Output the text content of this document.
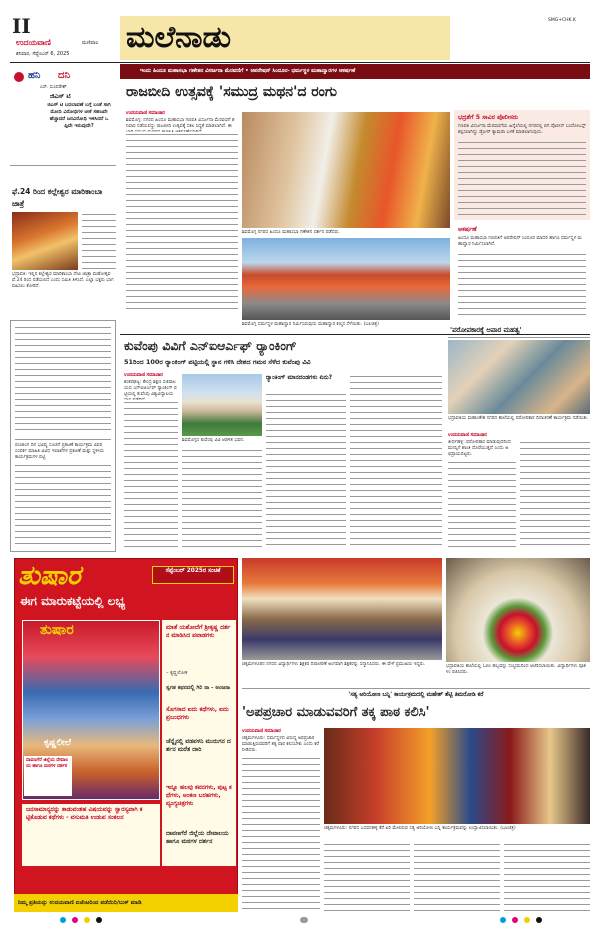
II
ಉದಯವಾಣಿ	ಮಣಿಪಾಲ
ಶನಿವಾರ, ಸೆಪ್ಟೆಂಬರ್ 6, 2025 ಮಲೆನಾಡು	SMG+CHK.K
ಇಂದು ಹಿಂದೂ ಮಹಾಸಭಾ ಗಣೇಶನ ವಿಸರ್ಜನಾ ಮೆರವಣಿಗೆ • ಆಪರೇಷನ್ ಸಿಂದೂರ- ಧರ್ಮಸ್ಥಳ ಮಹಾದ್ವಾರಗಳ ಆಕರ್ಷಣೆ
ಹನಿ ದನಿ
ಎಸ್. ಸುಂದರೇಶ್
ಜಿಎಸ್ ಟಿ
ಜಿಎಸ್ ಟಿ ಬದಲಾವಣೆ ಬಗ್ಗೆ ಬಂತೆ ಸಾಗಿ ಮೋದಿ ವಿರೋಧಿಗಳ ಟೀಕೆ ಸಹಜವೇ ಹೆಚ್ಚಾದರೆ ಜನವಿರೋಧಿ ಇಳಿಸಿದರೆ ಒಪ್ಪಿದೇ ಇರುವುದೇ?
ಫೆ.24 ರಿಂದ ಕಲ್ಲೇಶ್ವರ ಮಾರಿಕಾಂಬಾ ಜಾತ್ರೆ
ಭದ್ರಾವತಿ: ಇಲ್ಲಿನ ಕಲ್ಲೇಶ್ವರ ಮಾರಿಕಾಂಬಾ ದೇವಿ ಜಾತ್ರಾ ಮಹೋತ್ಸವ ಫೆ.24 ರಿಂದ ನಡೆಯಲಿದೆ ಎಂದು ಸಮಿತಿ ತಿಳಿಸಿದೆ. ಎಲ್ಲಾ ಭಕ್ತರು ಭಾಗವಹಿಸಲು ಕೋರಿದೆ.
ಪಂಚಾಂಗ ದಿನ ಭವಿಷ್ಯ ಸೂಚನೆ ಪ್ರಕಟಣೆ ಕಾರ್ಯಕ್ರಮ ವಿವರ ಸಂಪರ್ಕ ಮಾಹಿತಿ ವಿವಿಧ ಇಲಾಖೆಗಳ ಪ್ರಕಟಣೆ ಮತ್ತು ಸ್ಥಳೀಯ ಕಾರ್ಯಕ್ರಮಗಳ ಪಟ್ಟಿ
ರಾಜಬೀದಿ ಉತ್ಸವಕ್ಕೆ 'ಸಮುದ್ರ ಮಥನ'ದ ರಂಗು
ಉದಯವಾಣಿ ಸಮಾಚಾರ
ಶಿವಮೊಗ್ಗ: ನಗರದ ಹಿಂದೂ ಮಹಾಸಭಾ ಗಣಪತಿ ವಿಸರ್ಜನಾ ಮೆರವಣಿಗೆ ಶನಿವಾರ ನಡೆಯಲಿದ್ದು ರಾಜಬೀದಿ ಉತ್ಸವಕ್ಕೆ ಸಕಲ ಸಿದ್ಧತೆ ಮಾಡಲಾಗಿದೆ. ಈ
ಶಿವಮೊಗ್ಗ ನಗರದ ಹಿಂದೂ ಮಹಾಸಭಾ ಗಣೇಶನ ದರ್ಶನ ಪಡೆದರು.
ಶಿವಮೊಗ್ಗ ಧರ್ಮಸ್ಥಳ ಮಹಾದ್ವಾರ ನಿರ್ಮಿಸಿರುವುದು ಮಹಾದ್ವಾರ ಕಣ್ಮನ ಸೆಳೆಯಿತು. (ಬಲಚಿತ್ರ)
ಭದ್ರತೆಗೆ 5 ಸಾವಿರ ಪೊಲೀಸರು
ಗಣಪತಿ ವಿಸರ್ಜನಾ ಮೆರವಣಿಗೆಯ ಹಿನ್ನೆಲೆಯಲ್ಲಿ ನಗರದಲ್ಲಿ ಬಿಗಿ ಪೊಲೀಸ್ ಬಂದೋಬಸ್ತ್ ಕಲ್ಪಿಸಲಾಗಿದ್ದು ಡ್ರೋನ್ ಕ್ಯಾಮರಾ ಬಳಕೆ ಮಾಡಲಾಗುವುದು.
ಆಕರ್ಷಣೆ
ಹಿಂದೂ ಮಹಾಸಭಾ ಗಣಪತಿಗೆ ಆಪರೇಷನ್ ಸಿಂದೂರ ಮಾದರಿ ಹಾಗೂ ಧರ್ಮಸ್ಥಳ ಮಹಾದ್ವಾರ ನಿರ್ಮಿಸಲಾಗಿದೆ.
ಕುವೆಂಪು ವಿವಿಗೆ ಎನ್ಐಆರ್ಎಫ್ ರ‍್ಯಾಂಕಿಂಗ್
51ರಿಂದ 100ರ ರ‍್ಯಾಂಕಿಂಗ್ ಪಟ್ಟಿಯಲ್ಲಿ ಸ್ಥಾನ ಗಳಿಸಿ ದೇಶದ ಗಮನ ಸೆಳೆದ ಕುವೆಂಪು ವಿವಿ
ಉದಯವಾಣಿ ಸಮಾಚಾರ
ಶಂಕರಘಟ್ಟ: ಕೇಂದ್ರ ಶಿಕ್ಷಣ ಸಚಿವಾಲಯದ ಎನ್ಐಆರ್ಎಫ್ ರ‍್ಯಾಂಕಿಂಗ್ ಪಟ್ಟಿಯಲ್ಲಿ ಕುವೆಂಪು ವಿಶ್ವವಿದ್ಯಾಲಯ
ಶಿವಮೊಗ್ಗದ ಕುವೆಂಪು ವಿವಿ ಆಡಳಿತ ಭವನ.
ರ‍್ಯಾಂಕಿಂಗ್ ಮಾನದಂಡಗಳು ಏನು?
'ಪರೋಪಕಾರಕ್ಕೆ ಅಪಾರ ಮಹತ್ವ'
ಭದ್ರಾವತಿಯ ಮಹಾಂತೇಶ ನಗರದ ಶಾಲೆಯಲ್ಲಿ ಪರೋಪಕಾರ ದಿನಾಚರಣೆ ಕಾರ್ಯಕ್ರಮ ನಡೆಯಿತು.
ಉದಯವಾಣಿ ಸಮಾಚಾರ
ತೀರ್ಥಹಳ್ಳಿ: ಪರೋಪಕಾರ ಮಾಡುವುದರಿಂದ ಮನಸ್ಸಿಗೆ ಶಾಂತಿ ದೊರೆಯುತ್ತದೆ ಎಂದು ಅಭಿಪ್ರಾಯಪಟ್ಟರು.
ತುಷಾರ	ಸೆಪ್ಟೆಂಬರ್ 2025ರ ಸಂಚಿಕೆ
ಈಗ ಮಾರುಕಟ್ಟೆಯಲ್ಲಿ ಲಭ್ಯ
ತುಷಾರ
ಕೃಷ್ಣಲೀಲೆ
ದಾವಣಗೆರೆ ಜಿಲ್ಲೆಯ ದೇವಾಲಯ ಹಾಗೂ ಮಠಗಳ ದರ್ಶನ
ಮಾತೆ ಯಶೋದೆಗೆ ಶ್ರೀಕೃಷ್ಣ ದರ್ಶನ ಮಾಡಿಸಿದ ಪವಾಡಗಳು
– ಕೃಷ್ಣಲೋಕ
ಸ್ವಗತ ಕಥನದಲ್ಲಿ ಗಿರಿ ನಾ - ಅಂಜನಾ
ಸೊಗಸಾದ ಐದು ಕಥೆಗಳು, ಐದು ಪ್ರಬಂಧಗಳು
ಚೆನ್ನೈನಲ್ಲಿ ವಡಪಳನಿ ಮುರುಗನ ದರ್ಶನ ಮರೆತ ದಾರಿ
ಇನ್ನೂ ಹಲವು ಕವನಗಳು, ಪುಟ್ಟ ಕಥೆಗಳು, ಅಂಕಣ ಬರಹಗಳು, ವ್ಯಂಗ್ಯಚಿತ್ರಗಳು
ದಾವಣಗೆರೆ ಜಿಲ್ಲೆಯ ದೇವಾಲಯ ಹಾಗೂ ಮಠಗಳ ದರ್ಶನ
ಜನಸಾಮಾನ್ಯರನ್ನು ಕಾಡುವಂತಹ ವಿಷಯವನ್ನು ಸ್ವಾರಸ್ಯವಾಗಿ ಕಟ್ಟಿಕೊಡುವ ಕಥೆಗಳು - ವಸುಮತಿ ಉಡುಪ ಸಂಕಲನ
ನಿಮ್ಮ ಪ್ರತಿಯನ್ನು ಉದಯವಾಣಿ ಏಜೆಂಟರಿಂದ ಪಡೆಯಿರಿ/ಬುಕ್ ಮಾಡಿ
ಚಿಕ್ಕಮಗಳೂರಿನ ನಗರದ ವಿದ್ಯಾರ್ಥಿಗಳು ಶಿಕ್ಷಕರ ದಿನಾಚರಣೆ ಅಂಗವಾಗಿ ಶಿಕ್ಷಕರನ್ನು ಸನ್ಮಾನಿಸಿದರು. ಈ ವೇಳೆ ಪ್ರಮುಖರು ಇದ್ದರು.	ಭದ್ರಾವತಿಯ ಶಾಲೆಯಲ್ಲಿ ಓಣಂ ಹಬ್ಬವನ್ನು ಸಂಭ್ರಮದಿಂದ ಆಚರಿಸಲಾಯಿತು. ವಿದ್ಯಾರ್ಥಿಗಳು ಪೂಕಳಂ ರಚಿಸಿದರು.
'ಸತ್ಯ ಅರಿಯೋಣ ಬನ್ನಿ' ಕಾರ್ಯಕ್ರಮದಲ್ಲಿ ಮಹೇಶ್ ಶೆಟ್ಟಿ ತಿಮರೋಡಿ ಕರೆ
'ಅಪಪ್ರಚಾರ ಮಾಡುವವರಿಗೆ ತಕ್ಕ ಪಾಠ ಕಲಿಸಿ'
ಉದಯವಾಣಿ ಸಮಾಚಾರ
ಚಿಕ್ಕಮಗಳೂರು: ಧರ್ಮಸ್ಥಳದ ವಿರುದ್ಧ ಅಪಪ್ರಚಾರ ಮಾಡುತ್ತಿರುವವರಿಗೆ ತಕ್ಕ ಪಾಠ ಕಲಿಸಬೇಕು ಎಂದು ಕರೆ ನೀಡಿದರು.
ಚಿಕ್ಕಮಗಳೂರು: ನಗರದ ಬಸವನಹಳ್ಳಿ ಕೆರೆ ಏರಿ ಮೇಲಿರುವ ಸತ್ಯ ಅರಿಯೋಣ ಬನ್ನಿ ಕಾರ್ಯಕ್ರಮವನ್ನು ಉದ್ಘಾಟಿಸಲಾಯಿತು. (ಬಲಚಿತ್ರ)
